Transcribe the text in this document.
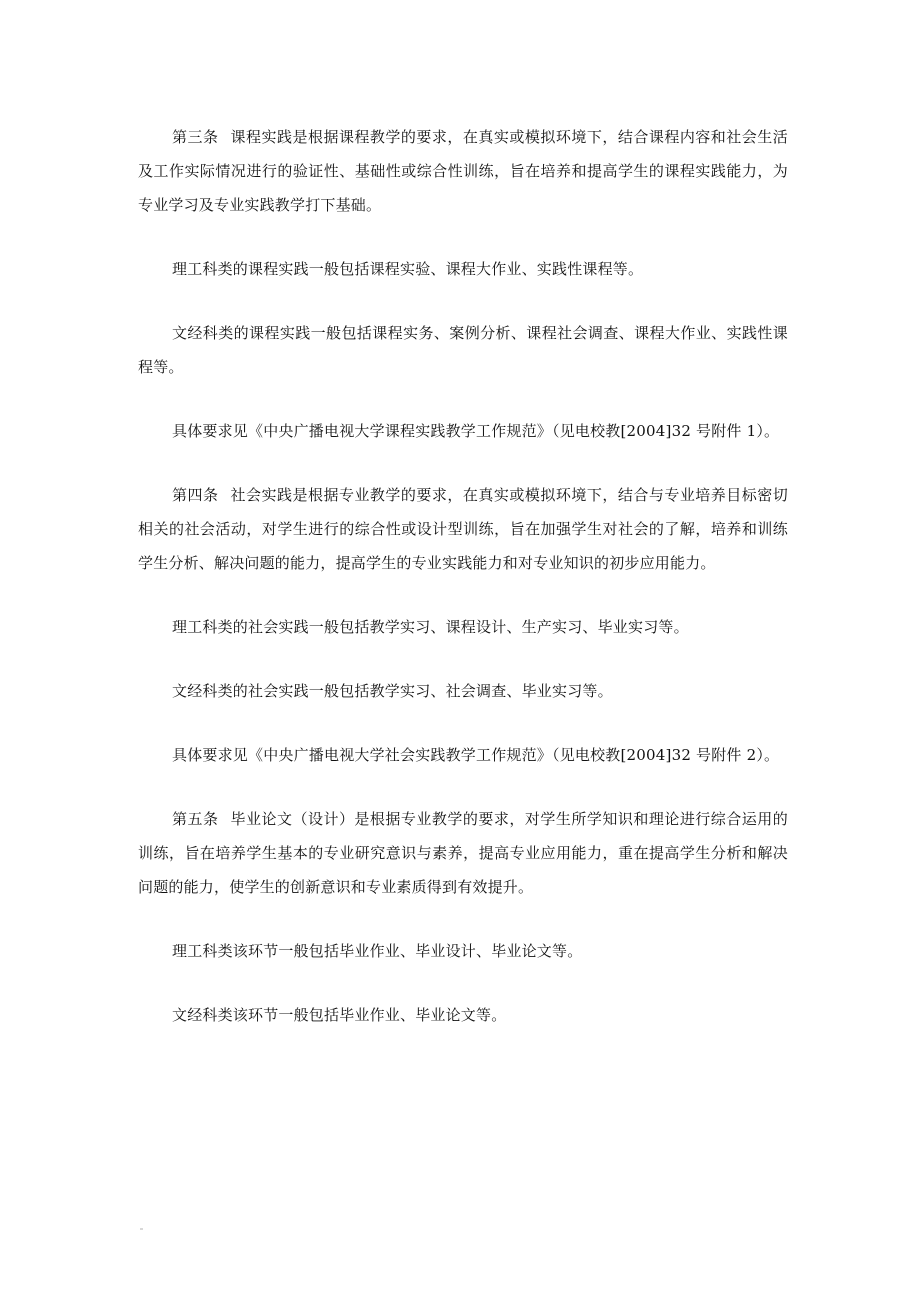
第三条 课程实践是根据课程教学的要求，在真实或模拟环境下，结合课程内容和社会生活及工作实际情况进行的验证性、基础性或综合性训练，旨在培养和提高学生的课程实践能力，为专业学习及专业实践教学打下基础。

理工科类的课程实践一般包括课程实验、课程大作业、实践性课程等。

文经科类的课程实践一般包括课程实务、案例分析、课程社会调查、课程大作业、实践性课程等。

具体要求见《中央广播电视大学课程实践教学工作规范》（见电校教[2004]32 号附件 1）。

第四条 社会实践是根据专业教学的要求，在真实或模拟环境下，结合与专业培养目标密切相关的社会活动，对学生进行的综合性或设计型训练，旨在加强学生对社会的了解，培养和训练学生分析、解决问题的能力，提高学生的专业实践能力和对专业知识的初步应用能力。

理工科类的社会实践一般包括教学实习、课程设计、生产实习、毕业实习等。

文经科类的社会实践一般包括教学实习、社会调查、毕业实习等。

具体要求见《中央广播电视大学社会实践教学工作规范》（见电校教[2004]32 号附件 2）。

第五条 毕业论文（设计）是根据专业教学的要求，对学生所学知识和理论进行综合运用的训练，旨在培养学生基本的专业研究意识与素养，提高专业应用能力，重在提高学生分析和解决问题的能力，使学生的创新意识和专业素质得到有效提升。

理工科类该环节一般包括毕业作业、毕业设计、毕业论文等。

文经科类该环节一般包括毕业作业、毕业论文等。
